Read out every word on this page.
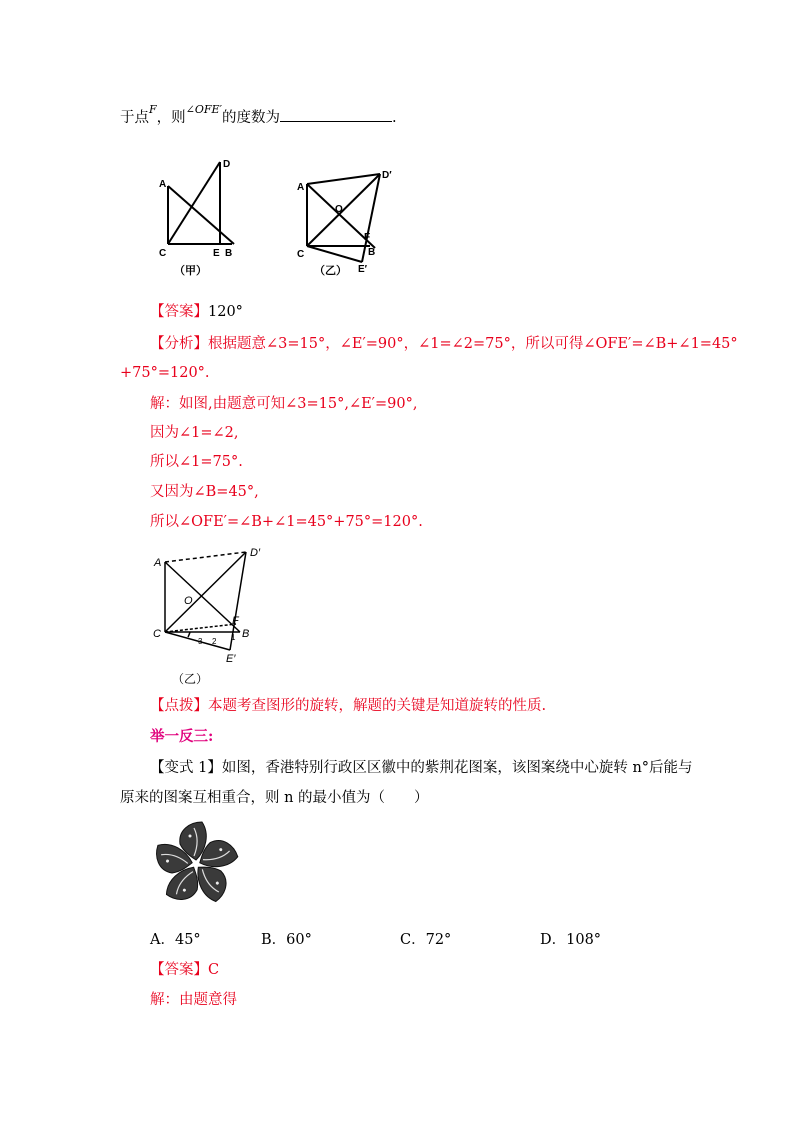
于点$^F$，则$^{\angle OFE'}$的度数为	.
A
D
C	E B
（甲）
A
D′
O
C
F
B
E′
（乙）
【答案】120°
【分析】根据题意∠3=15°，∠E′=90°，∠1=∠2=75°，所以可得∠OFE′=∠B+∠1=45°
+75°=120°.
解：如图,由题意可知∠3=15°,∠E′=90°,
因为∠1=∠2,
所以∠1=75°.
又因为∠B=45°,
所以∠OFE′=∠B+∠1=45°+75°=120°.
A
D′
O
C
F
B
E′
3 2 1
（乙）
【点拨】本题考查图形的旋转，解题的关键是知道旋转的性质.
举一反三:
【变式 1】如图，香港特别行政区区徽中的紫荆花图案，该图案绕中心旋转 n°后能与
原来的图案互相重合，则 n 的最小值为（　　）
A．45°	B．60°	C．72°	D．108°
【答案】C
解：由题意得
